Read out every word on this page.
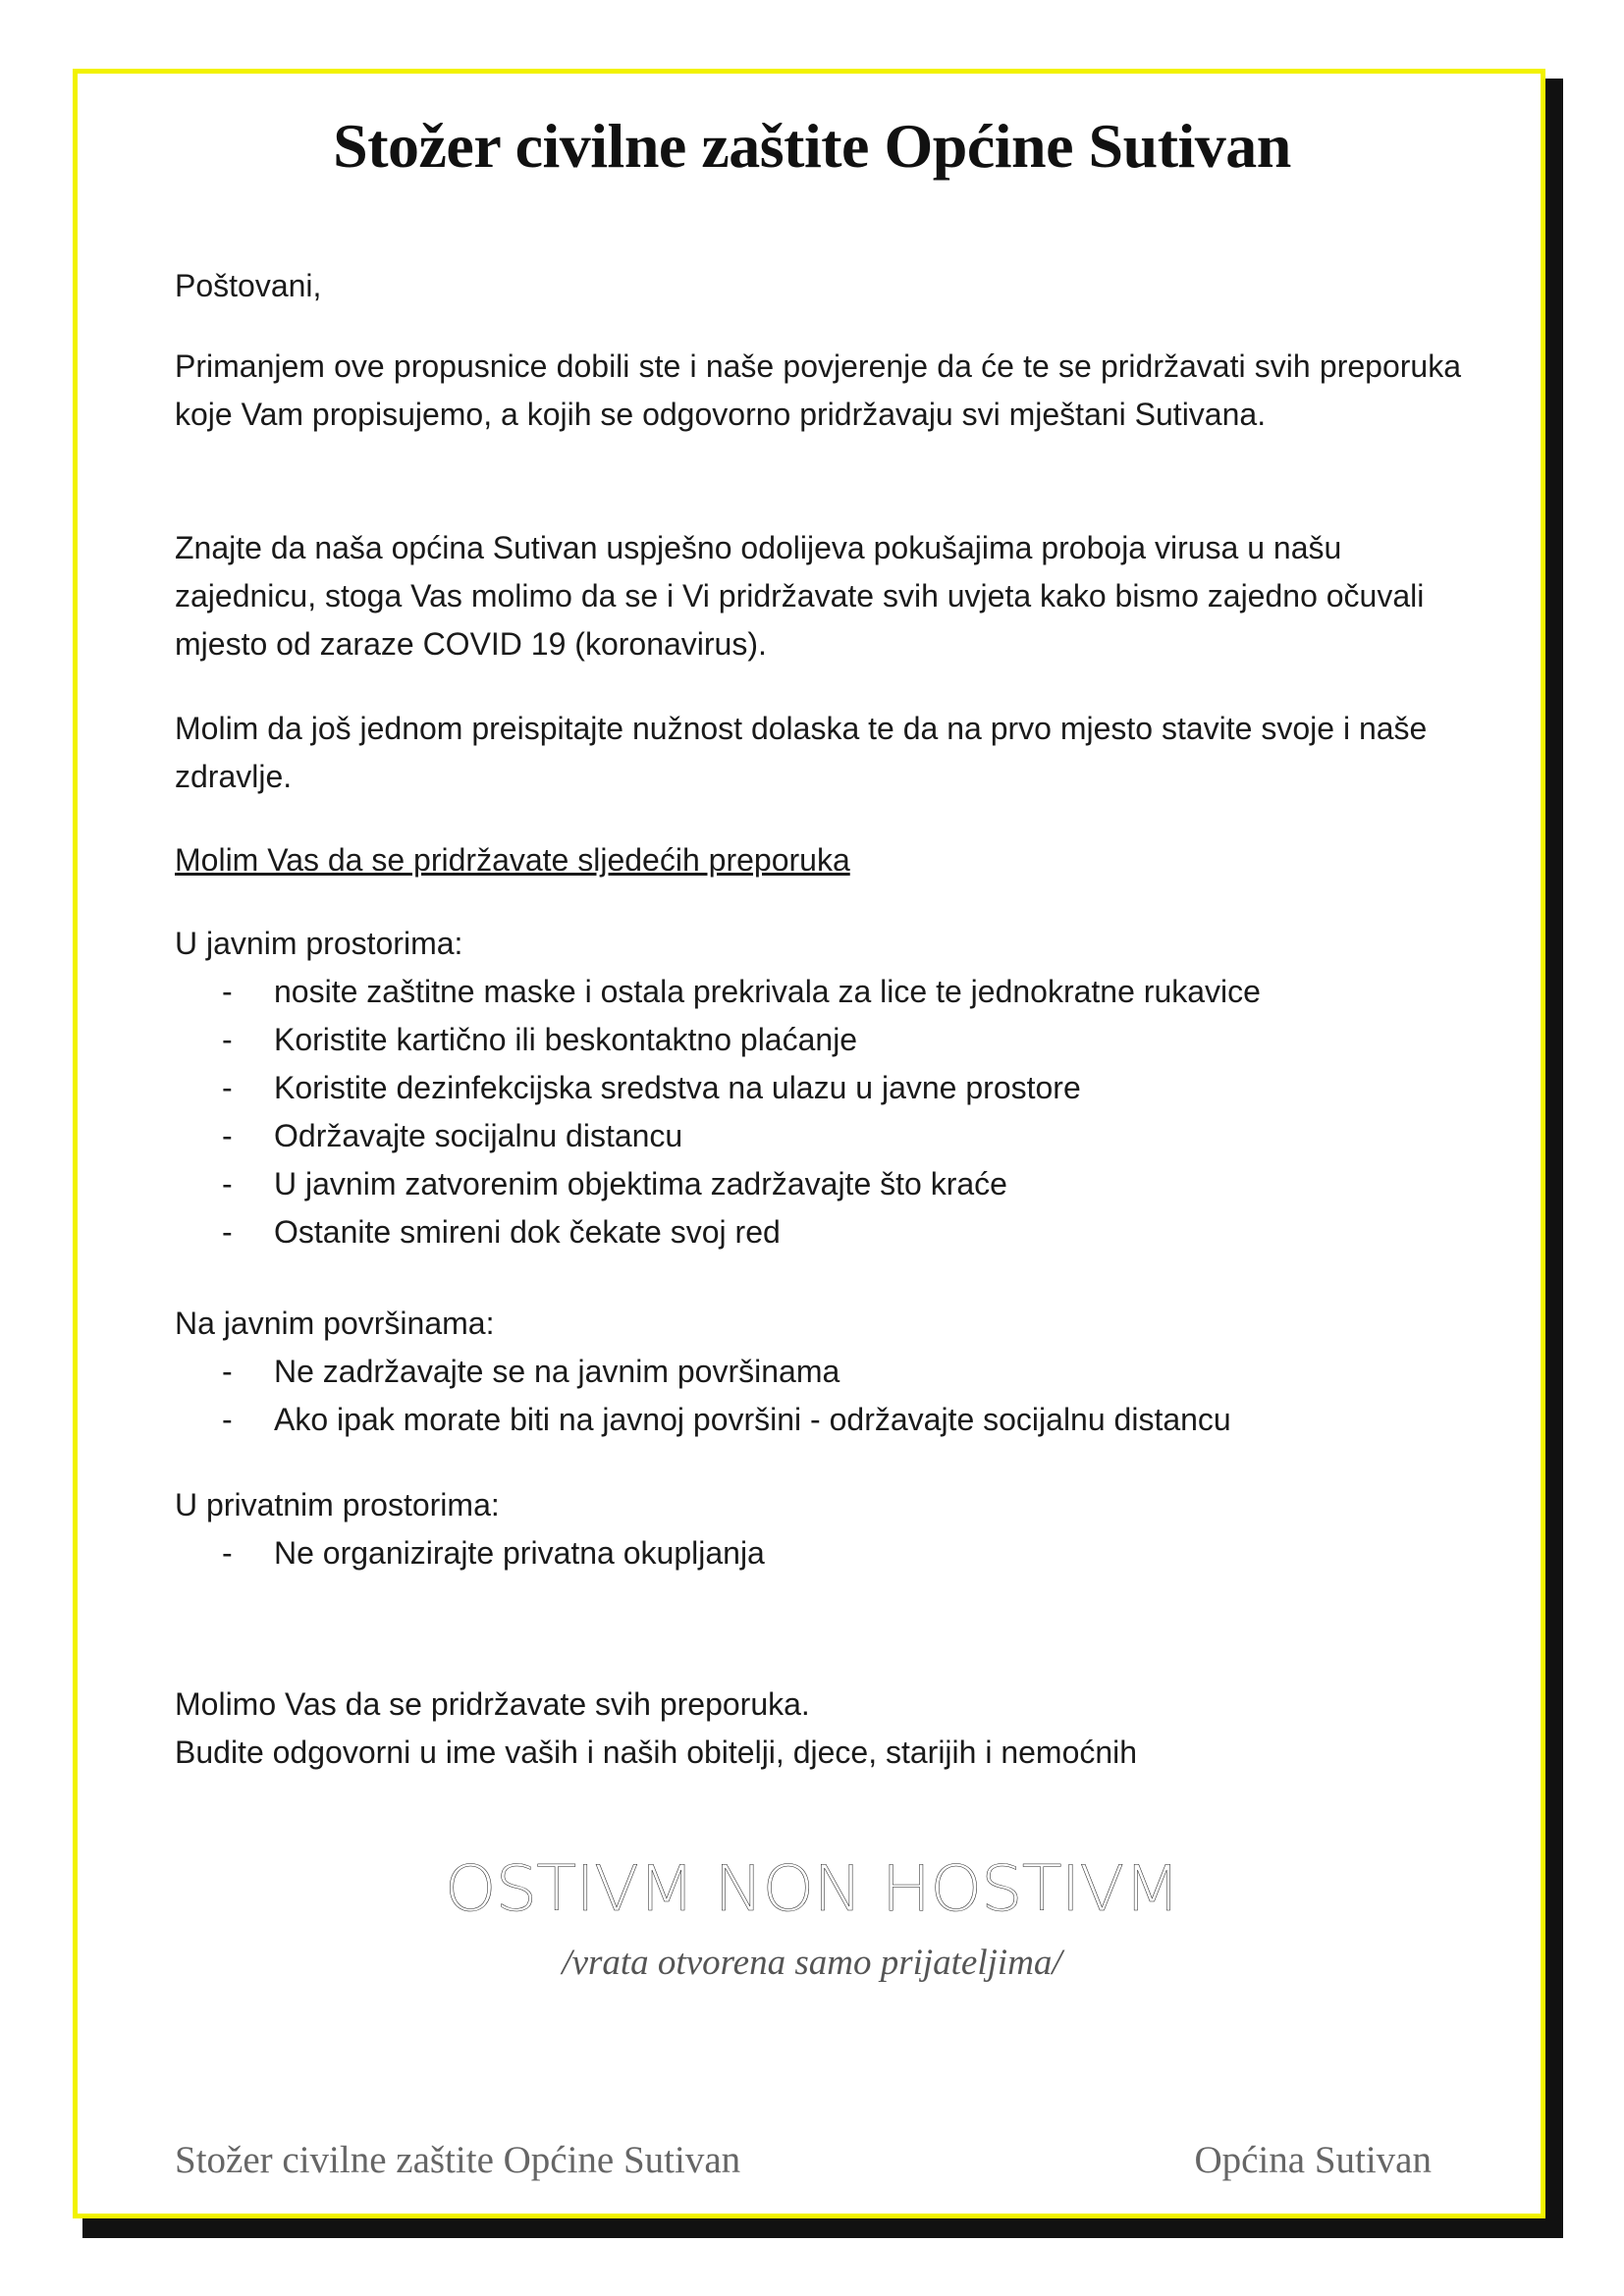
Stožer civilne zaštite Općine Sutivan

Poštovani,

Primanjem ove propusnice dobili ste i naše povjerenje da će te se pridržavati svih preporuka koje Vam propisujemo, a kojih se odgovorno pridržavaju svi mještani Sutivana.

Znajte da naša općina Sutivan uspješno odolijeva pokušajima proboja virusa u našu zajednicu, stoga Vas molimo da se i Vi pridržavate svih uvjeta kako bismo zajedno očuvali mjesto od zaraze COVID 19 (koronavirus).

Molim da još jednom preispitajte nužnost dolaska te da na prvo mjesto stavite svoje i naše zdravlje.

Molim Vas da se pridržavate sljedećih preporuka

U javnim prostorima:

- nosite zaštitne maske i ostala prekrivala za lice te jednokratne rukavice
- Koristite kartično ili beskontaktno plaćanje
- Koristite dezinfekcijska sredstva na ulazu u javne prostore
- Održavajte socijalnu distancu
- U javnim zatvorenim objektima zadržavajte što kraće
- Ostanite smireni dok čekate svoj red

Na javnim površinama:

- Ne zadržavajte se na javnim površinama
- Ako ipak morate biti na javnoj površini - održavajte socijalnu distancu

U privatnim prostorima:

- Ne organizirajte privatna okupljanja

Molimo Vas da se pridržavate svih preporuka.

Budite odgovorni u ime vaših i naših obitelji, djece, starijih i nemoćnih

OSTIVM NON HOSTIVM
/vrata otvorena samo prijateljima/
Stožer civilne zaštite Općine Sutivan	Općina Sutivan
